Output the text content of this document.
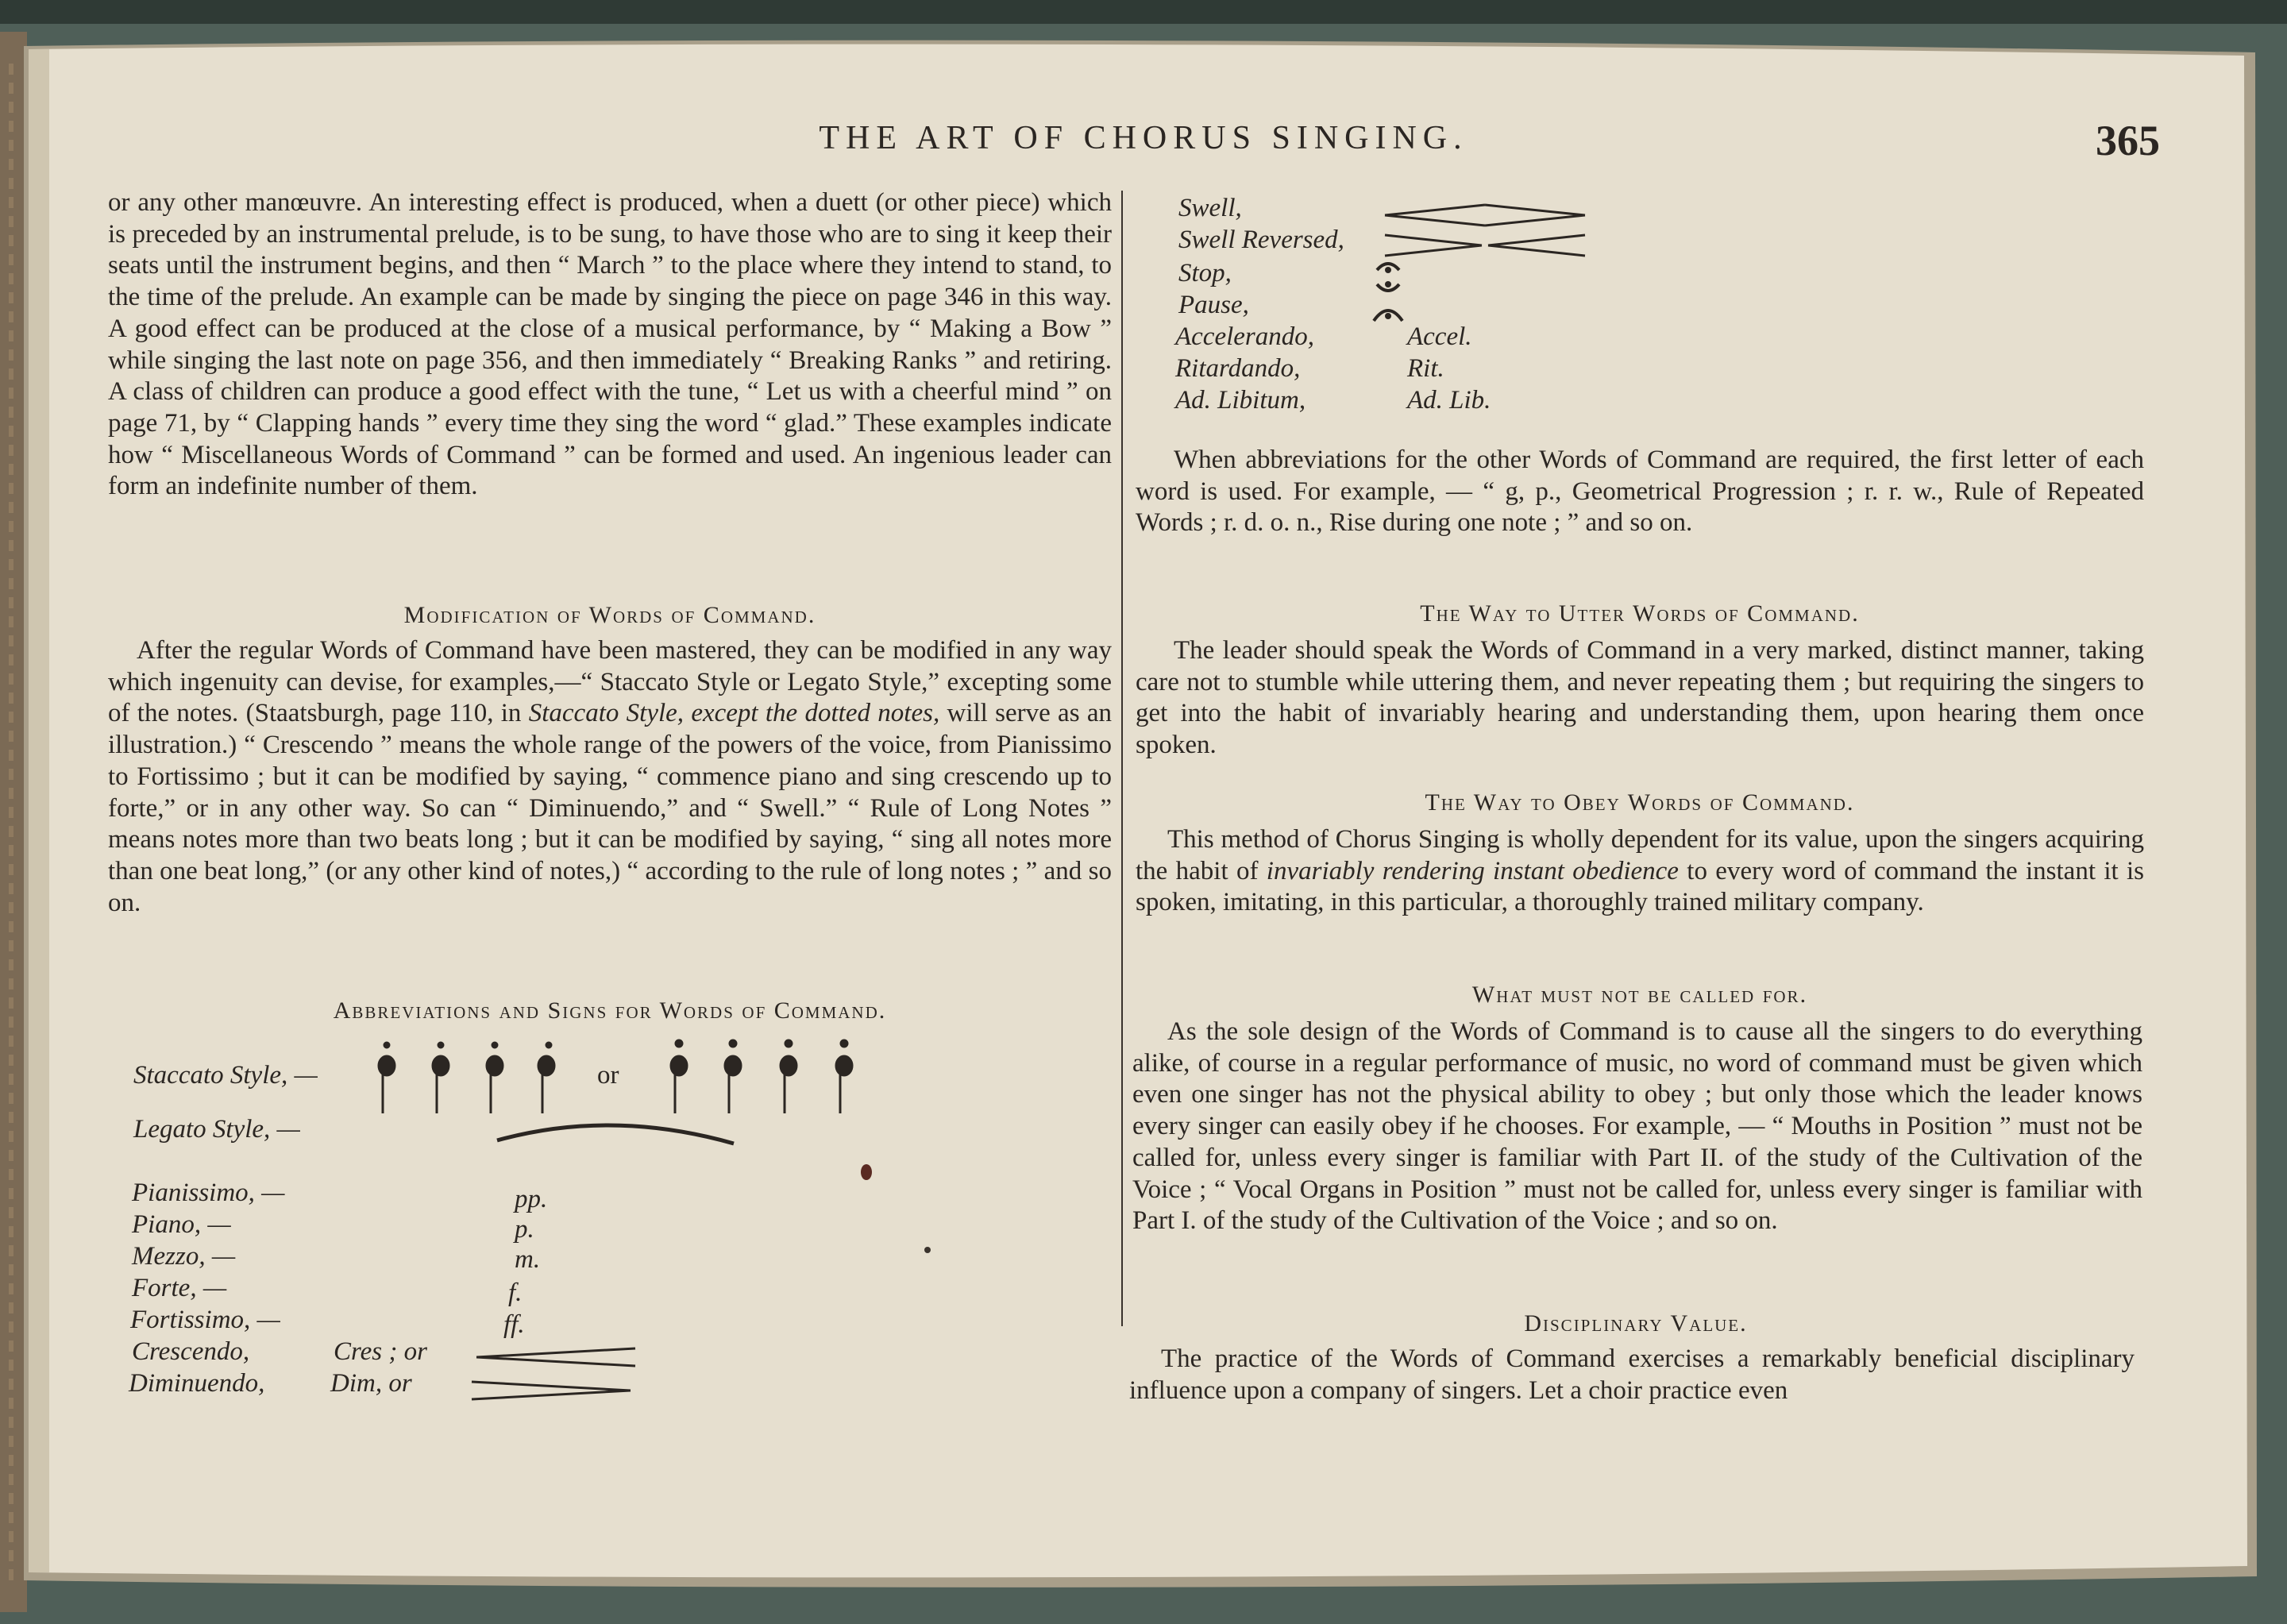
THE ART OF CHORUS SINGING.	365

or any other manœuvre. An interesting effect is produced, when a duett (or other piece) which is preceded by an instrumental prelude, is to be sung, to have those who are to sing it keep their seats until the instrument begins, and then “ March ” to the place where they intend to stand, to the time of the prelude. An example can be made by singing the piece on page 346 in this way. A good effect can be produced at the close of a musical performance, by “ Making a Bow ” while singing the last note on page 356, and then immediately “ Breaking Ranks ” and retiring. A class of children can produce a good effect with the tune, “ Let us with a cheerful mind ” on page 71, by “ Clapping hands ” every time they sing the word “ glad.” These examples indicate how “ Miscellaneous Words of Command ” can be formed and used. An ingenious leader can form an indefinite number of them.

Modification of Words of Command.

After the regular Words of Command have been mastered, they can be modified in any way which ingenuity can devise, for examples,—“ Staccato Style or Legato Style,” excepting some of the notes. (Staatsburgh, page 110, in Staccato Style, except the dotted notes, will serve as an illustration.) “ Crescendo ” means the whole range of the powers of the voice, from Pianissimo to Fortissimo ; but it can be modified by saying, “ commence piano and sing crescendo up to forte,” or in any other way. So can “ Diminuendo,” and “ Swell.” “ Rule of Long Notes ” means notes more than two beats long ; but it can be modified by saying, “ sing all notes more than one beat long,” (or any other kind of notes,) “ according to the rule of long notes ; ” and so on.

Abbreviations and Signs for Words of Command.
Staccato Style, —	or
Legato Style, —
Pianissimo, —	pp.
Piano, —	p.
Mezzo, —	m.
Forte, —	f.
Fortissimo, —	ff.
Crescendo,	Cres ; or
Diminuendo,	Dim, or
Swell,
Swell Reversed,
Stop,
Pause,
Accelerando,	Accel.
Ritardando,	Rit.
Ad. Libitum,	Ad. Lib.

When abbreviations for the other Words of Command are required, the first letter of each word is used. For example, — “ g, p., Geometrical Progression ; r. r. w., Rule of Repeated Words ; r. d. o. n., Rise during one note ; ” and so on.

The Way to Utter Words of Command.

The leader should speak the Words of Command in a very marked, distinct manner, taking care not to stumble while uttering them, and never repeating them ; but requiring the singers to get into the habit of invariably hearing and understanding them, upon hearing them once spoken.

The Way to Obey Words of Command.

This method of Chorus Singing is wholly dependent for its value, upon the singers acquiring the habit of invariably rendering instant obedience to every word of command the instant it is spoken, imitating, in this particular, a thoroughly trained military company.

What must not be called for.

As the sole design of the Words of Command is to cause all the singers to do everything alike, of course in a regular performance of music, no word of command must be given which even one singer has not the physical ability to obey ; but only those which the leader knows every singer can easily obey if he chooses. For example, — “ Mouths in Position ” must not be called for, unless every singer is familiar with Part II. of the study of the Cultivation of the Voice ; “ Vocal Organs in Position ” must not be called for, unless every singer is familiar with Part I. of the study of the Cultivation of the Voice ; and so on.

Disciplinary Value.

The practice of the Words of Command exercises a remarkably beneficial disciplinary influence upon a company of singers. Let a choir practice even
